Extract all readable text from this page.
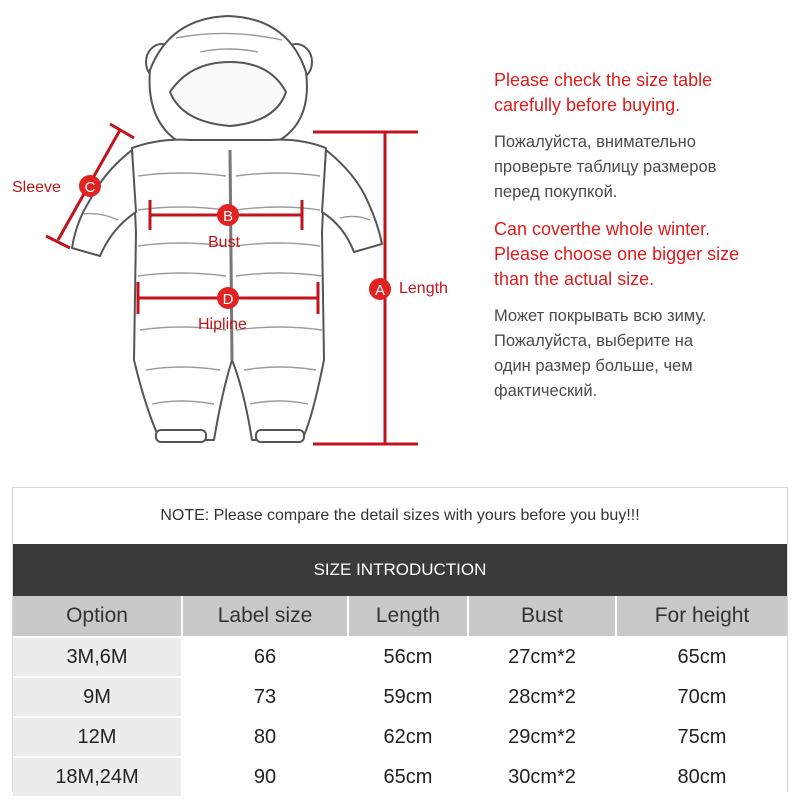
C
B
D
A
Sleeve
Bust
Hipline
Length

Please check the size table
carefully before buying.

Пожалуйста, внимательно
проверьте таблицу размеров
перед покупкой.

Can coverthe whole winter.
Please choose one bigger size
than the actual size.

Может покрывать всю зиму.
Пожалуйста, выберите на
один размер больше, чем
фактический.

NOTE: Please compare the detail sizes with yours before you buy!!!
SIZE INTRODUCTION
Option	Label size	Length	Bust	For height
3M,6M	66	56cm	27cm*2	65cm
9M	73	59cm	28cm*2	70cm
12M	80	62cm	29cm*2	75cm
18M,24M	90	65cm	30cm*2	80cm
